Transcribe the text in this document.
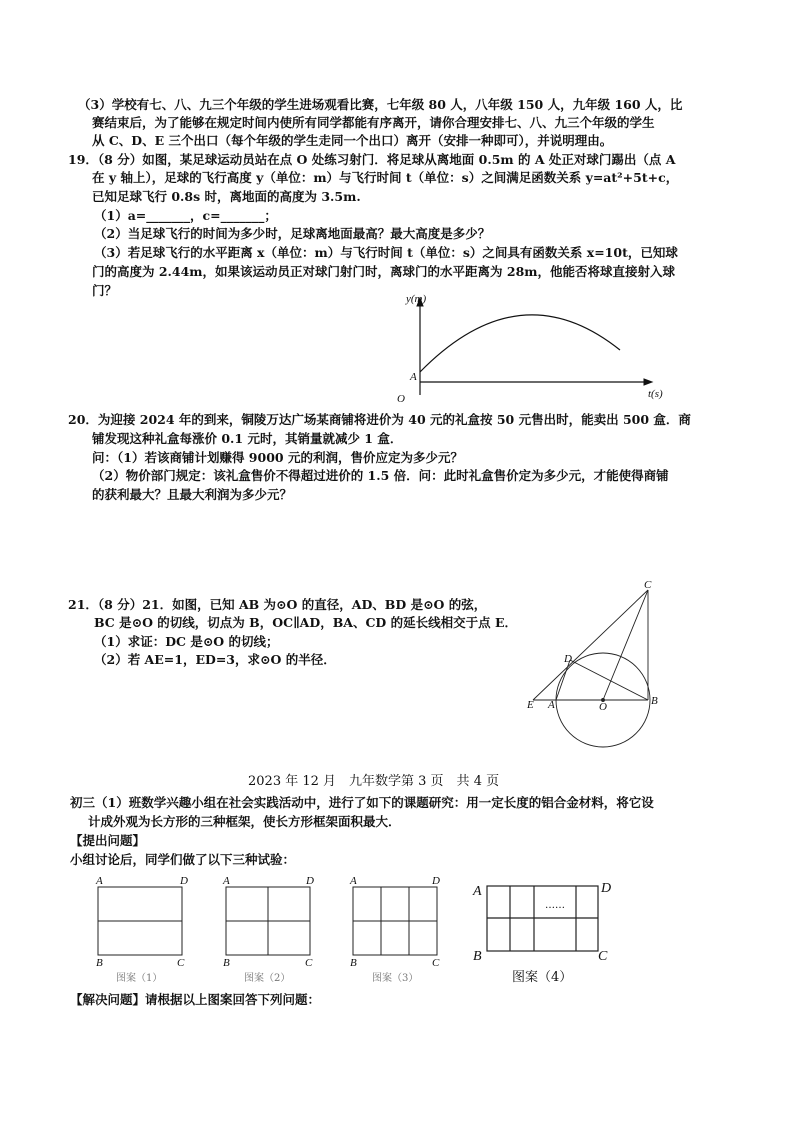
（3）学校有七、八、九三个年级的学生进场观看比赛，七年级 80 人，八年级 150 人，九年级 160 人，比
赛结束后，为了能够在规定时间内使所有同学都能有序离开，请你合理安排七、八、九三个年级的学生
从 C、D、E 三个出口（每个年级的学生走同一个出口）离开（安排一种即可），并说明理由。
19．（8 分）如图，某足球运动员站在点 O 处练习射门．将足球从离地面 0.5m 的 A 处正对球门踢出（点 A
在 y 轴上），足球的飞行高度 y（单位：m）与飞行时间 t（单位：s）之间满足函数关系 y=at²+5t+c，
已知足球飞行 0.8s 时，离地面的高度为 3.5m.
（1）a=_______，c=_______；
（2）当足球飞行的时间为多少时，足球离地面最高？最大高度是多少？
（3）若足球飞行的水平距离 x（单位：m）与飞行时间 t（单位：s）之间具有函数关系 x=10t，已知球
门的高度为 2.44m，如果该运动员正对球门射门时，离球门的水平距离为 28m，他能否将球直接射入球
门？
y(m)
t(s)
O
A
C
D
E A	O	B
A	D
B	C
A	D
B	C
A	D
B	C
A	D
B	C
……
20．为迎接 2024 年的到来，铜陵万达广场某商铺将进价为 40 元的礼盒按 50 元售出时，能卖出 500 盒．商
铺发现这种礼盒每涨价 0.1 元时，其销量就减少 1 盒．
问：（1）若该商铺计划赚得 9000 元的利润，售价应定为多少元？
（2）物价部门规定：该礼盒售价不得超过进价的 1.5 倍．问：此时礼盒售价定为多少元，才能使得商铺
的获利最大？且最大利润为多少元？
21．（8 分）21．如图，已知 AB 为⊙O 的直径，AD、BD 是⊙O 的弦，
BC 是⊙O 的切线，切点为 B，OC∥AD，BA、CD 的延长线相交于点 E．
（1）求证：DC 是⊙O 的切线；
（2）若 AE=1，ED=3，求⊙O 的半径．
2023 年 12 月　九年数学第 3 页　共 4 页
初三（1）班数学兴趣小组在社会实践活动中，进行了如下的课题研究：用一定长度的铝合金材料，将它设
计成外观为长方形的三种框架，使长方形框架面积最大．
【提出问题】
小组讨论后，同学们做了以下三种试验：
图案（1）	图案（2）	图案（3）	图案（4）
【解决问题】请根据以上图案回答下列问题：
